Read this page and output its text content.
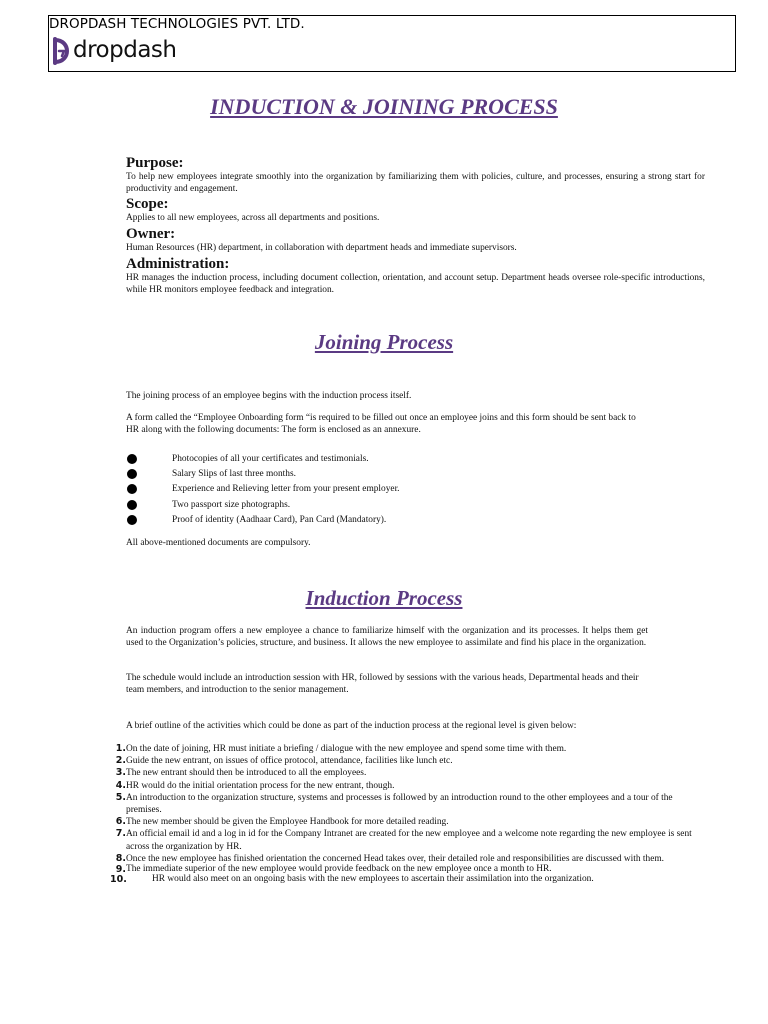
DROPDASH TECHNOLOGIES PVT. LTD.
dropdash
INDUCTION & JOINING PROCESS
Purpose:
To help new employees integrate smoothly into the organization by familiarizing them with policies, culture, and processes, ensuring a strong start for productivity and engagement.
Scope:
Applies to all new employees, across all departments and positions.
Owner:
Human Resources (HR) department, in collaboration with department heads and immediate supervisors.
Administration:
HR manages the induction process, including document collection, orientation, and account setup. Department heads oversee role-specific introductions, while HR monitors employee feedback and integration.
Joining Process
The joining process of an employee begins with the induction process itself.
A form called the “Employee Onboarding form “is required to be filled out once an employee joins and this form should be sent back to HR along with the following documents: The form is enclosed as an annexure.
Photocopies of all your certificates and testimonials.
Salary Slips of last three months.
Experience and Relieving letter from your present employer.
Two passport size photographs.
Proof of identity (Aadhaar Card), Pan Card (Mandatory).
All above-mentioned documents are compulsory.
Induction Process
An induction program offers a new employee a chance to familiarize himself with the organization and its processes. It helps them get used to the Organization’s policies, structure, and business. It allows the new employee to assimilate and find his place in the organization.
The schedule would include an introduction session with HR, followed by sessions with the various heads, Departmental heads and their team members, and introduction to the senior management.
A brief outline of the activities which could be done as part of the induction process at the regional level is given below:
1. On the date of joining, HR must initiate a briefing / dialogue with the new employee and spend some time with them.
2. Guide the new entrant, on issues of office protocol, attendance, facilities like lunch etc.
3. The new entrant should then be introduced to all the employees.
4. HR would do the initial orientation process for the new entrant, though.
5. An introduction to the organization structure, systems and processes is followed by an introduction round to the other employees and a tour of the premises.
6. The new member should be given the Employee Handbook for more detailed reading.
7. An official email id and a log in id for the Company Intranet are created for the new employee and a welcome note regarding the new employee is sent across the organization by HR.
8. Once the new employee has finished orientation the concerned Head takes over, their detailed role and responsibilities are discussed with them.
9. The immediate superior of the new employee would provide feedback on the new employee once a month to HR.
10.	HR would also meet on an ongoing basis with the new employees to ascertain their assimilation into the organization.
